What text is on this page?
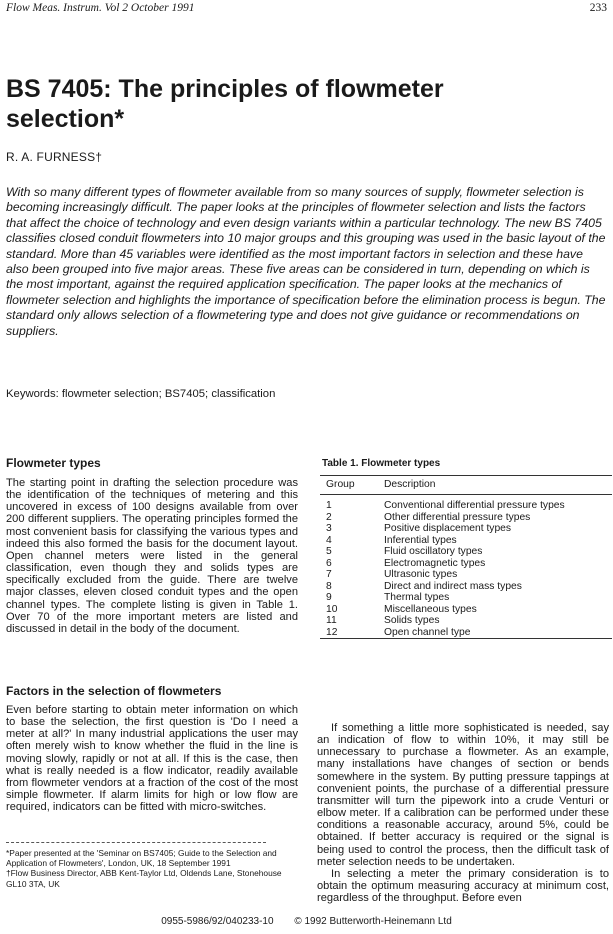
Flow Meas. Instrum. Vol 2 October 1991	233
BS 7405: The principles of flowmeter selection*
R. A. FURNESS†

With so many different types of flowmeter available from so many sources of supply, flowmeter selection is becoming increasingly difficult. The paper looks at the principles of flowmeter selection and lists the factors that affect the choice of technology and even design variants within a particular technology. The new BS 7405 classifies closed conduit flowmeters into 10 major groups and this grouping was used in the basic layout of the standard. More than 45 variables were identified as the most important factors in selection and these have also been grouped into five major areas. These five areas can be considered in turn, depending on which is the most important, against the required application specification. The paper looks at the mechanics of flowmeter selection and highlights the importance of specification before the elimination process is begun. The standard only allows selection of a flowmetering type and does not give guidance or recommendations on suppliers.

Keywords: flowmeter selection; BS7405; classification
Flowmeter types

The starting point in drafting the selection procedure was the identification of the techniques of metering and this uncovered in excess of 100 designs available from over 200 different suppliers. The operating principles formed the most convenient basis for classifying the various types and indeed this also formed the basis for the document layout. Open channel meters were listed in the general classification, even though they and solids types are specifically excluded from the guide. There are twelve major classes, eleven closed conduit types and the open channel types. The complete listing is given in Table 1. Over 70 of the more important meters are listed and discussed in detail in the body of the document.

Factors in the selection of flowmeters

Even before starting to obtain meter information on which to base the selection, the first question is 'Do I need a meter at all?' In many industrial applications the user may often merely wish to know whether the fluid in the line is moving slowly, rapidly or not at all. If this is the case, then what is really needed is a flow indicator, readily available from flowmeter vendors at a fraction of the cost of the most simple flowmeter. If alarm limits for high or low flow are required, indicators can be fitted with micro-switches.

*Paper presented at the 'Seminar on BS7405; Guide to the Selection and Application of Flowmeters', London, UK, 18 September 1991
†Flow Business Director, ABB Kent-Taylor Ltd, Oldends Lane, Stonehouse GL10 3TA, UK

If something a little more sophisticated is needed, say an indication of flow to within 10%, it may still be unnecessary to purchase a flowmeter. As an example, many installations have changes of section or bends somewhere in the system. By putting pressure tappings at convenient points, the purchase of a differential pressure transmitter will turn the pipework into a crude Venturi or elbow meter. If a calibration can be performed under these conditions a reasonable accuracy, around 5%, could be obtained. If better accuracy is required or the signal is being used to control the process, then the difficult task of meter selection needs to be undertaken.

In selecting a meter the primary consideration is to obtain the optimum measuring accuracy at minimum cost, regardless of the throughput. Before even

Table 1. Flowmeter types
Group	Description
1	Conventional differential pressure types
2	Other differential pressure types
3	Positive displacement types
4	Inferential types
5	Fluid oscillatory types
6	Electromagnetic types
7	Ultrasonic types
8	Direct and indirect mass types
9	Thermal types
10	Miscellaneous types
11	Solids types
12	Open channel type
0955-5986/92/040233-10 © 1992 Butterworth-Heinemann Ltd
